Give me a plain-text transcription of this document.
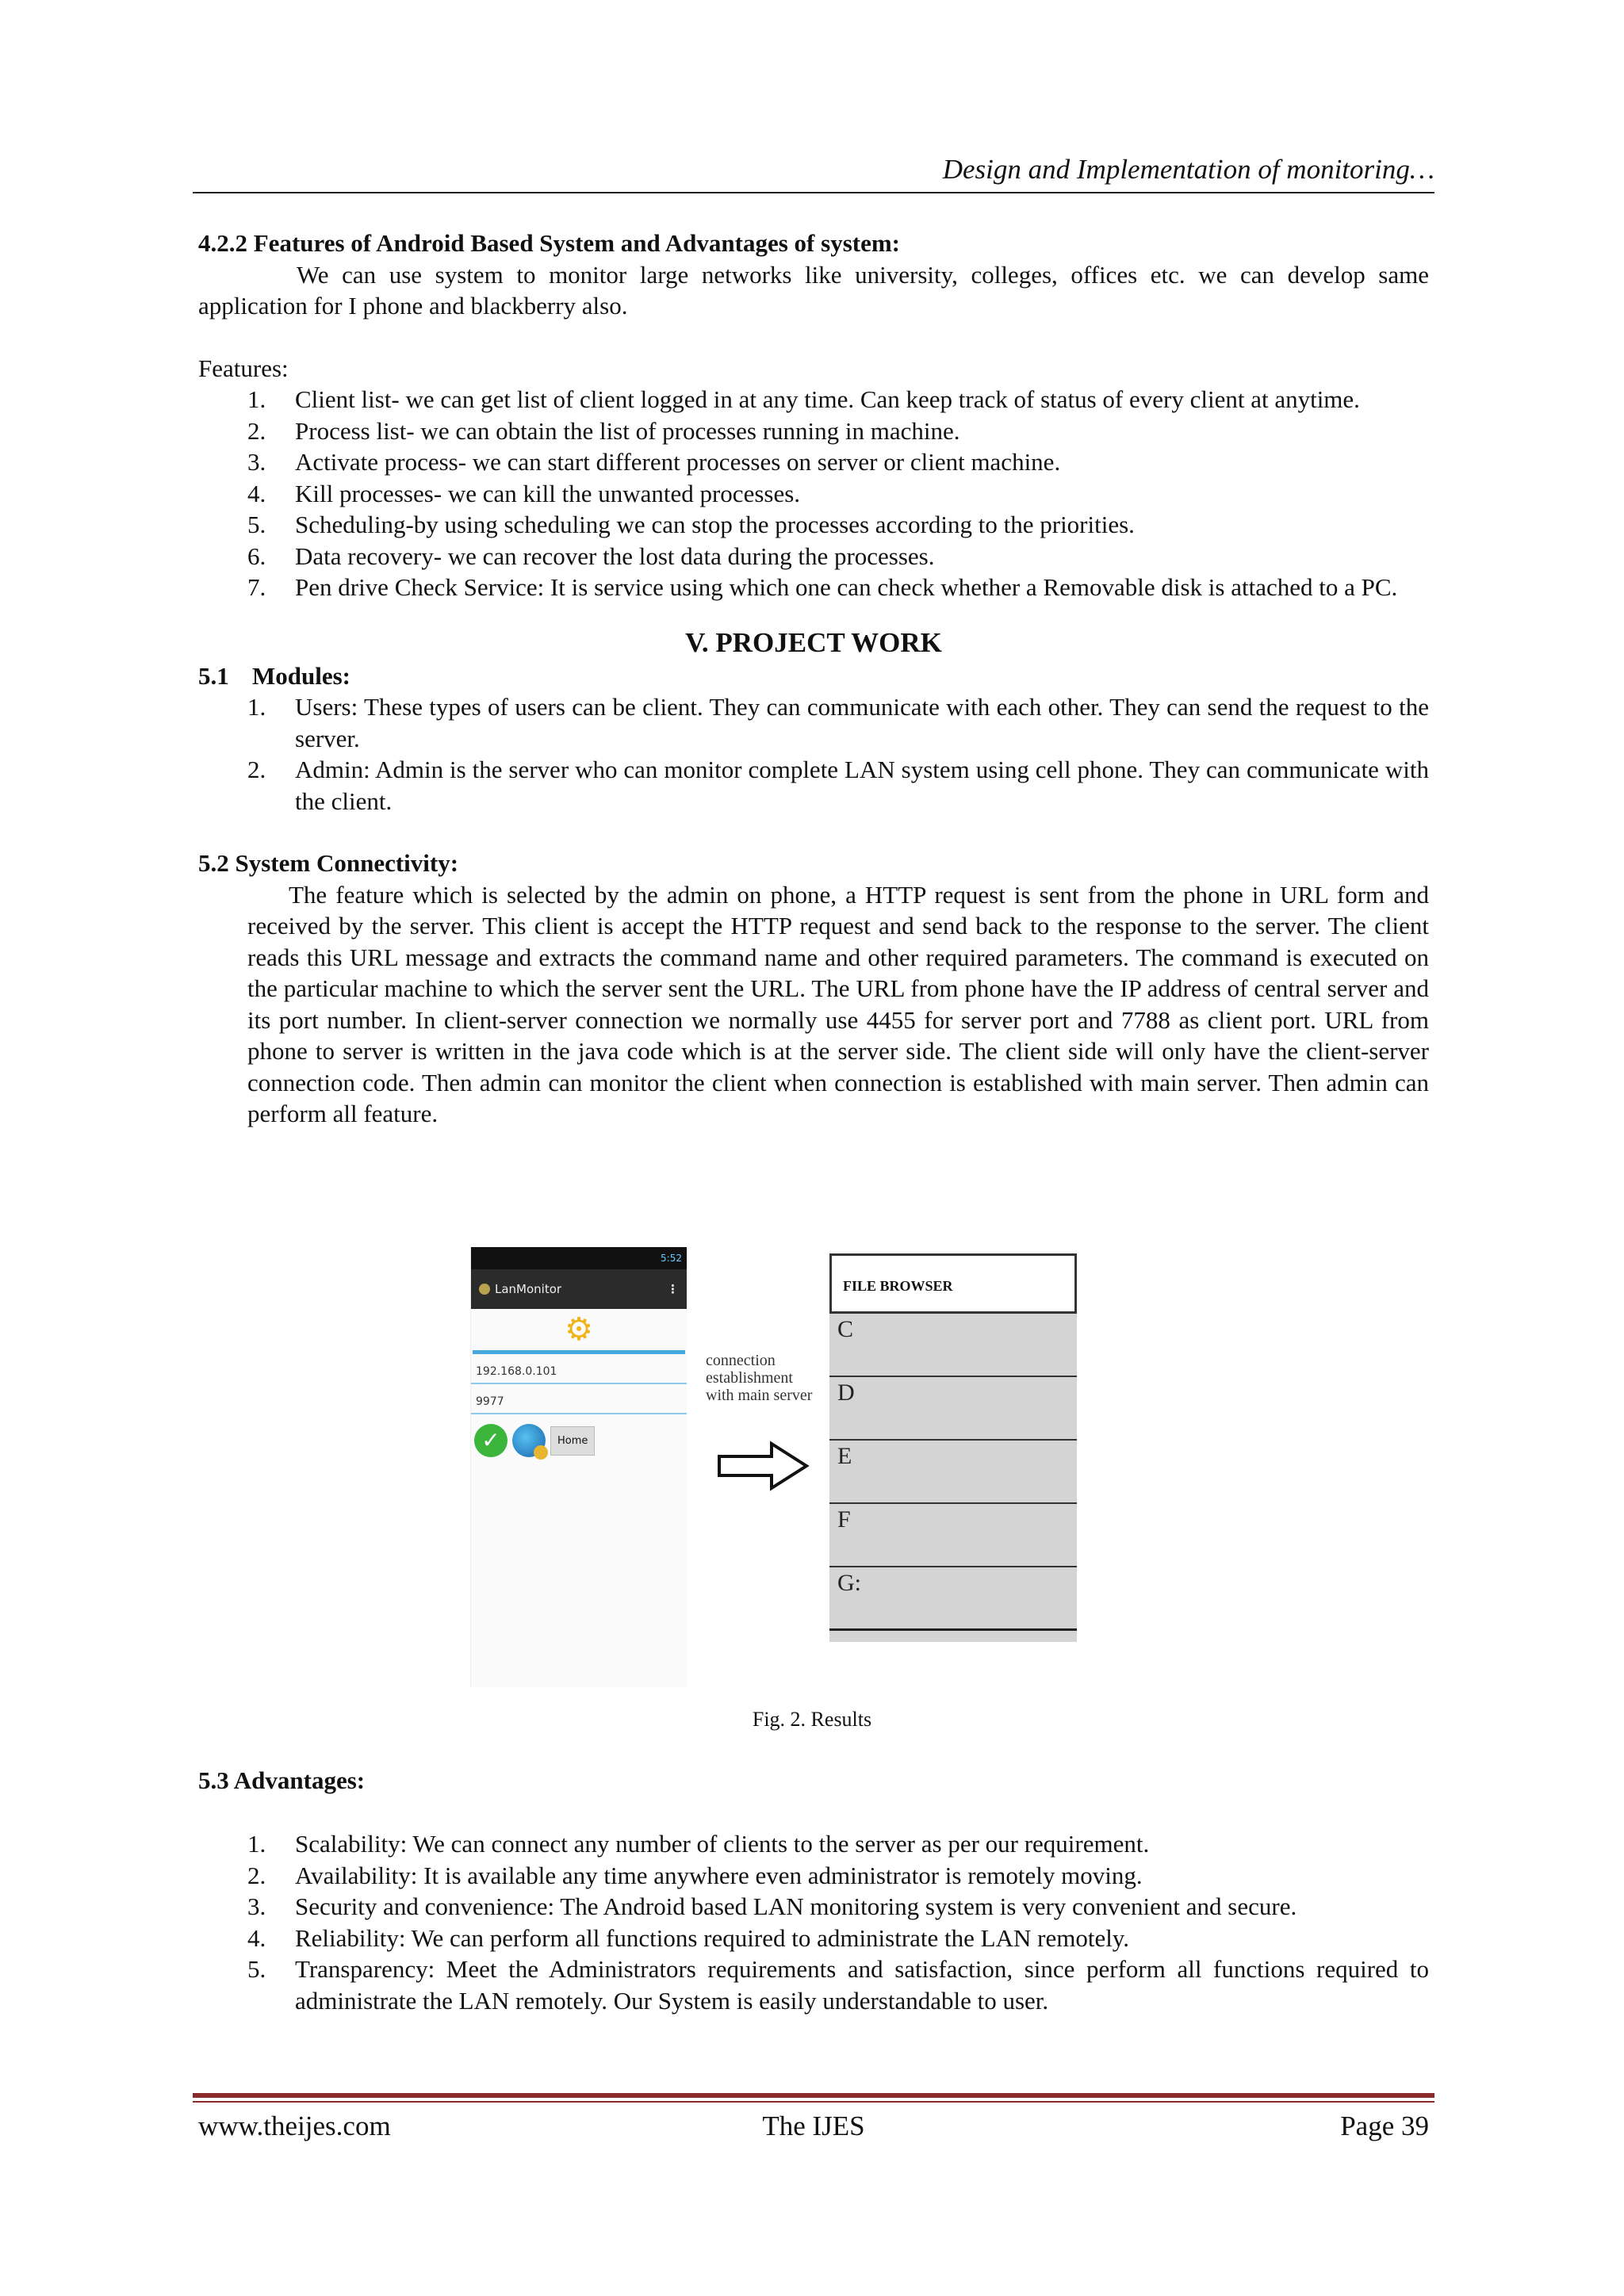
Design and Implementation of monitoring…

4.2.2 Features of Android Based System and Advantages of system:

We can use system to monitor large networks like university, colleges, offices etc. we can develop same application for I phone and blackberry also.

Features:

1. Client list- we can get list of client logged in at any time. Can keep track of status of every client at anytime.
2. Process list- we can obtain the list of processes running in machine.
3. Activate process- we can start different processes on server or client machine.
4. Kill processes- we can kill the unwanted processes.
5. Scheduling-by using scheduling we can stop the processes according to the priorities.
6. Data recovery- we can recover the lost data during the processes.
7. Pen drive Check Service: It is service using which one can check whether a Removable disk is attached to a PC.
V. PROJECT WORK

5.1 Modules:

1. Users: These types of users can be client. They can communicate with each other. They can send the request to the server.
2. Admin: Admin is the server who can monitor complete LAN system using cell phone. They can communicate with the client.

5.2 System Connectivity:

The feature which is selected by the admin on phone, a HTTP request is sent from the phone in URL form and received by the server. This client is accept the HTTP request and send back to the response to the server. The client reads this URL message and extracts the command name and other required parameters. The command is executed on the particular machine to which the server sent the URL. The URL from phone have the IP address of central server and its port number. In client-server connection we normally use 4455 for server port and 7788 as client port. URL from phone to server is written in the java code which is at the server side. The client side will only have the client-server connection code. Then admin can monitor the client when connection is established with main server. Then admin can perform all feature.

5:52
LanMonitor	⋮
⚙
192.168.0.101
9977
✓	Home
connection establishment with main server
FILE BROWSER
C
D
E
F
G:
Fig. 2. Results
5.3 Advantages:
1. Scalability: We can connect any number of clients to the server as per our requirement.
2. Availability: It is available any time anywhere even administrator is remotely moving.
3. Security and convenience: The Android based LAN monitoring system is very convenient and secure.
4. Reliability: We can perform all functions required to administrate the LAN remotely.
5. Transparency: Meet the Administrators requirements and satisfaction, since perform all functions required to administrate the LAN remotely. Our System is easily understandable to user.
www.theijes.com	The IJES	Page 39
